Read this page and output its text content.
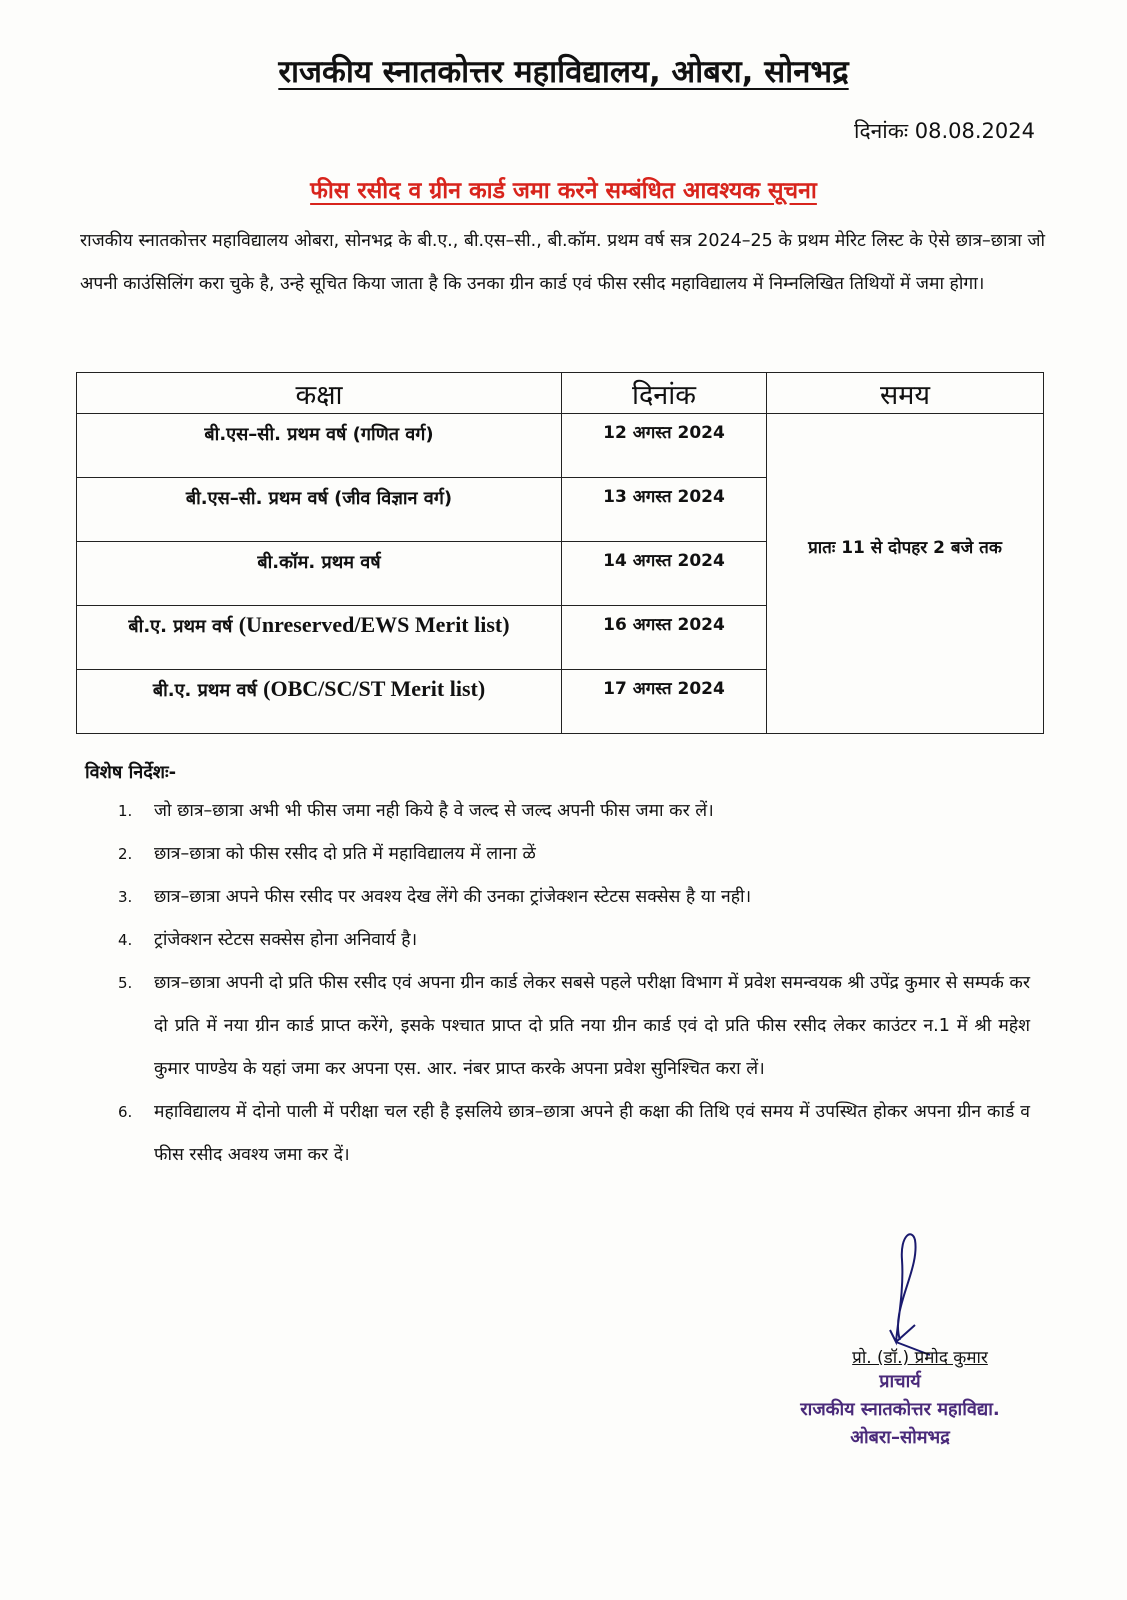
राजकीय स्नातकोत्तर महाविद्यालय, ओबरा, सोनभद्र
दिनांकः 08.08.2024
फीस रसीद व ग्रीन कार्ड जमा करने सम्बंधित आवश्यक सूचना
राजकीय स्नातकोत्तर महाविद्यालय ओबरा, सोनभद्र के बी.ए., बी.एस–सी., बी.कॉम. प्रथम वर्ष सत्र 2024–25 के प्रथम मेरिट लिस्ट के ऐसे छात्र–छात्रा जो अपनी काउंसिलिंग करा चुके है, उन्हे सूचित किया जाता है कि उनका ग्रीन कार्ड एवं फीस रसीद महाविद्यालय में निम्नलिखित तिथियों में जमा होगा।
कक्षा	दिनांक	समय
बी.एस–सी. प्रथम वर्ष (गणित वर्ग)	12 अगस्त 2024	प्रातः 11 से दोपहर 2 बजे तक
बी.एस–सी. प्रथम वर्ष (जीव विज्ञान वर्ग)	13 अगस्त 2024	
बी.कॉम. प्रथम वर्ष	14 अगस्त 2024	
बी.ए. प्रथम वर्ष (Unreserved/EWS Merit list)	16 अगस्त 2024	
बी.ए. प्रथम वर्ष (OBC/SC/ST Merit list)	17 अगस्त 2024	
विशेष निर्देशः-
1. जो छात्र–छात्रा अभी भी फीस जमा नही किये है वे जल्द से जल्द अपनी फीस जमा कर लें।
2. छात्र–छात्रा को फीस रसीद दो प्रति में महाविद्यालय में लाना ळें
3. छात्र–छात्रा अपने फीस रसीद पर अवश्य देख लेंगे की उनका ट्रांजेक्शन स्टेटस सक्सेस है या नही।
4. ट्रांजेक्शन स्टेटस सक्सेस होना अनिवार्य है।
5. छात्र–छात्रा अपनी दो प्रति फीस रसीद एवं अपना ग्रीन कार्ड लेकर सबसे पहले परीक्षा विभाग में प्रवेश समन्वयक श्री उपेंद्र कुमार से सम्पर्क कर दो प्रति में नया ग्रीन कार्ड प्राप्त करेंगे, इसके पश्चात प्राप्त दो प्रति नया ग्रीन कार्ड एवं दो प्रति फीस रसीद लेकर काउंटर न.1 में श्री महेश कुमार पाण्डेय के यहां जमा कर अपना एस. आर. नंबर प्राप्त करके अपना प्रवेश सुनिश्चित करा लें।
6. महाविद्यालय में दोनो पाली में परीक्षा चल रही है इसलिये छात्र–छात्रा अपने ही कक्षा की तिथि एवं समय में उपस्थित होकर अपना ग्रीन कार्ड व फीस रसीद अवश्य जमा कर दें।
प्रो. (डॉ.) प्रमोद कुमार
प्राचार्य
राजकीय स्नातकोत्तर महाविद्या.
ओबरा–सोमभद्र
